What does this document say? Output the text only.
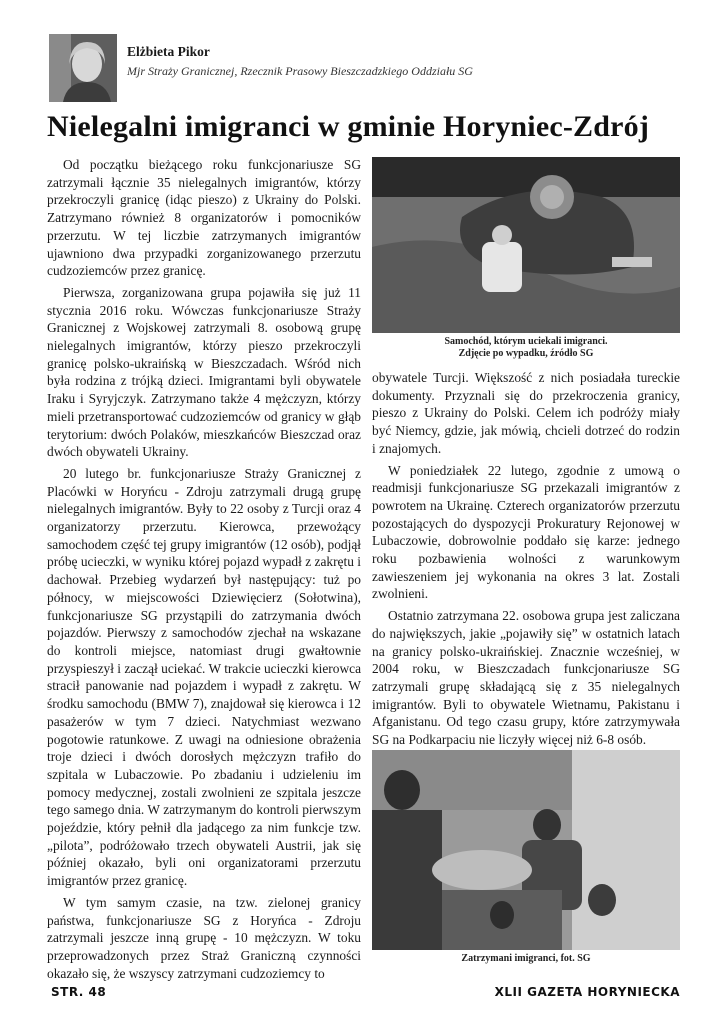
Elżbieta Pikor
Mjr Straży Granicznej, Rzecznik Prasowy Bieszczadzkiego Oddziału SG
Nielegalni imigranci w gminie Horyniec-Zdrój

Od początku bieżącego roku funkcjonariusze SG zatrzymali łącznie 35 nielegalnych imigrantów, którzy przekroczyli granicę (idąc pieszo) z Ukrainy do Polski. Zatrzymano również 8 organizatorów i pomocników przerzutu. W tej liczbie zatrzymanych imigrantów ujawniono dwa przypadki zorganizowanego przerzutu cudzoziemców przez granicę.

Pierwsza, zorganizowana grupa pojawiła się już 11 stycznia 2016 roku. Wówczas funkcjonariusze Straży Granicznej z Wojskowej zatrzymali 8. osobową grupę nielegalnych imigrantów, którzy pieszo przekroczyli granicę polsko-ukraińską w Bieszczadach. Wśród nich była rodzina z trójką dzieci. Imigrantami byli obywatele Iraku i Syryjczyk. Zatrzymano także 4 mężczyzn, którzy mieli przetransportować cudzoziemców od granicy w głąb terytorium: dwóch Polaków, mieszkańców Bieszczad oraz dwóch obywateli Ukrainy.

20 lutego br. funkcjonariusze Straży Granicznej z Placówki w Horyńcu - Zdroju zatrzymali drugą grupę nielegalnych imigrantów. Były to 22 osoby z Turcji oraz 4 organizatorzy przerzutu. Kierowca, przewożący samochodem część tej grupy imigrantów (12 osób), podjął próbę ucieczki, w wyniku której pojazd wypadł z zakrętu i dachował. Przebieg wydarzeń był następujący: tuż po północy, w miejscowości Dziewięcierz (Sołotwina), funkcjonariusze SG przystąpili do zatrzymania dwóch pojazdów. Pierwszy z samochodów zjechał na wskazane do kontroli miejsce, natomiast drugi gwałtownie przyspieszył i zaczął uciekać. W trakcie ucieczki kierowca stracił panowanie nad pojazdem i wypadł z zakrętu. W środku samochodu (BMW 7), znajdował się kierowca i 12 pasażerów w tym 7 dzieci. Natychmiast wezwano pogotowie ratunkowe. Z uwagi na odniesione obrażenia troje dzieci i dwóch dorosłych mężczyzn trafiło do szpitala w Lubaczowie. Po zbadaniu i udzieleniu im pomocy medycznej, zostali zwolnieni ze szpitala jeszcze tego samego dnia. W zatrzymanym do kontroli pierwszym pojeździe, który pełnił dla jadącego za nim funkcje tzw. „pilota”, podróżowało trzech obywateli Austrii, jak się później okazało, byli oni organizatorami przerzutu imigrantów przez granicę.

W tym samym czasie, na tzw. zielonej granicy państwa, funkcjonariusze SG z Horyńca - Zdroju zatrzymali jeszcze inną grupę - 10 mężczyzn. W toku przeprowadzonych przez Straż Graniczną czynności okazało się, że wszyscy zatrzymani cudzoziemcy to

Samochód, którym uciekali imigranci.
Zdjęcie po wypadku, źródło SG

obywatele Turcji. Większość z nich posiadała tureckie dokumenty. Przyznali się do przekroczenia granicy, pieszo z Ukrainy do Polski. Celem ich podróży miały być Niemcy, gdzie, jak mówią, chcieli dotrzeć do rodzin i znajomych.

W poniedziałek 22 lutego, zgodnie z umową o readmisji funkcjonariusze SG przekazali imigrantów z powrotem na Ukrainę. Czterech organizatorów przerzutu pozostających do dyspozycji Prokuratury Rejonowej w Lubaczowie, dobrowolnie poddało się karze: jednego roku pozbawienia wolności z warunkowym zawieszeniem jej wykonania na okres 3 lat. Zostali zwolnieni.

Ostatnio zatrzymana 22. osobowa grupa jest zaliczana do największych, jakie „pojawiły się” w ostatnich latach na granicy polsko-ukraińskiej. Znacznie wcześniej, w 2004 roku, w Bieszczadach funkcjonariusze SG zatrzymali grupę składającą się z 35 nielegalnych imigrantów. Byli to obywatele Wietnamu, Pakistanu i Afganistanu. Od tego czasu grupy, które zatrzymywała SG na Podkarpaciu nie liczyły więcej niż 6-8 osób.

Zatrzymani imigranci, fot. SG
STR. 48	XLII GAZETA HORYNIECKA
